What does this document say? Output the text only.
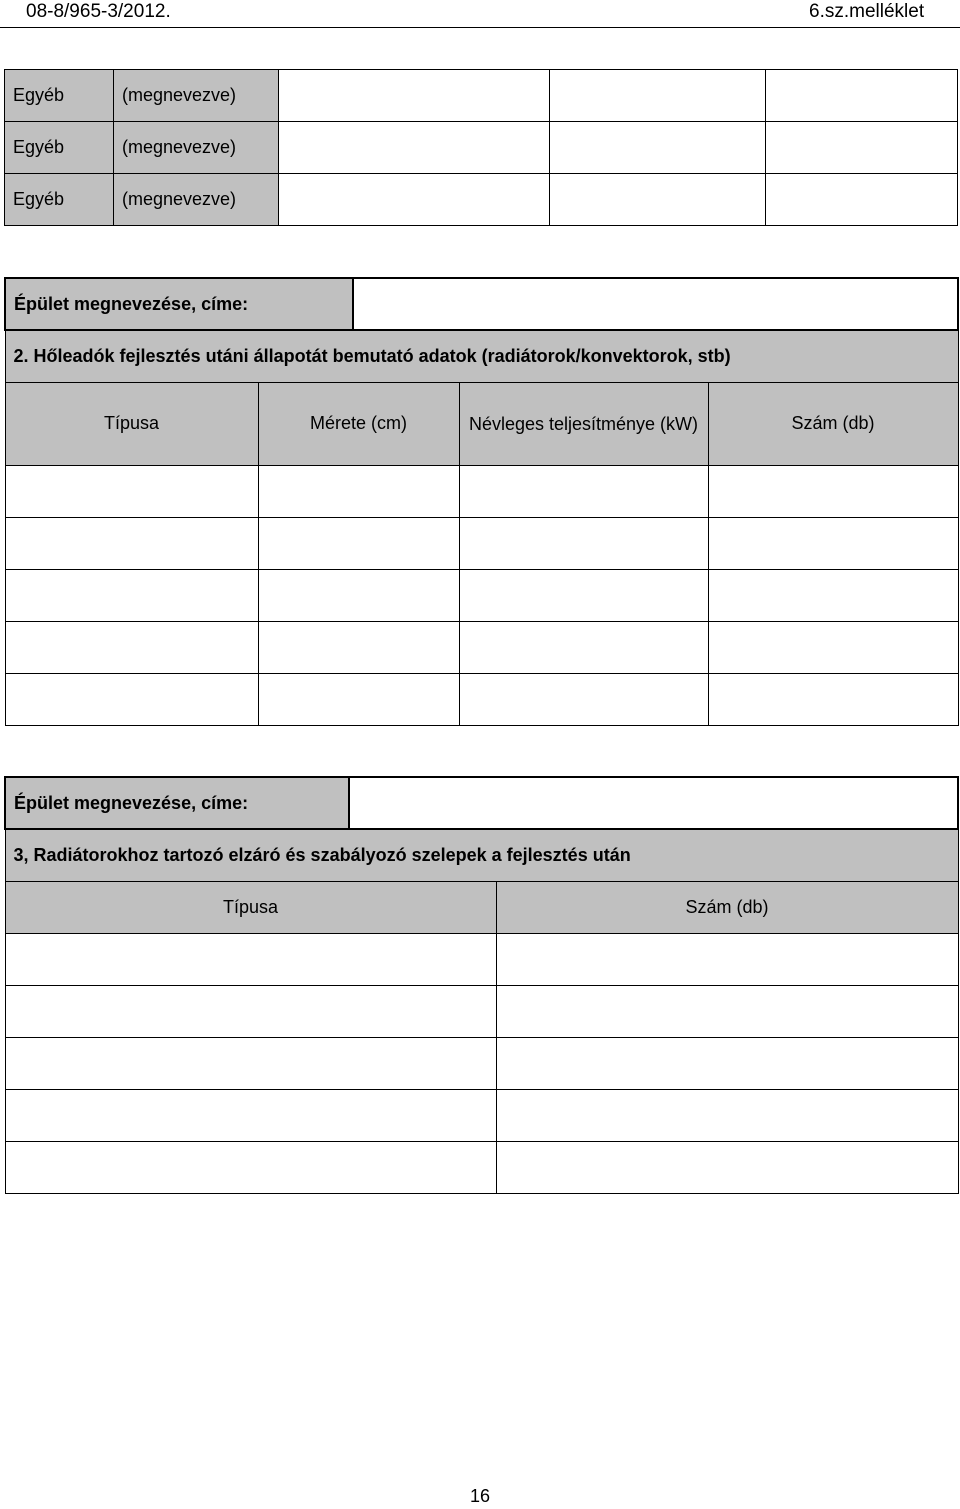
08-8/965-3/2012.	6.sz.melléklet
Egyéb	(megnevezve)			
Egyéb	(megnevezve)			
Egyéb	(megnevezve)			
Épület megnevezése, címe:				
2. Hőleadók fejlesztés utáni állapotát bemutató adatok (radiátorok/konvektorok, stb)				
Típusa	Mérete (cm)		Névleges teljesítménye (kW)	Szám (db)

Épület megnevezése, címe:		
3, Radiátorokhoz tartozó elzáró és szabályozó szelepek a fejlesztés után		
Típusa		Szám (db)

16
